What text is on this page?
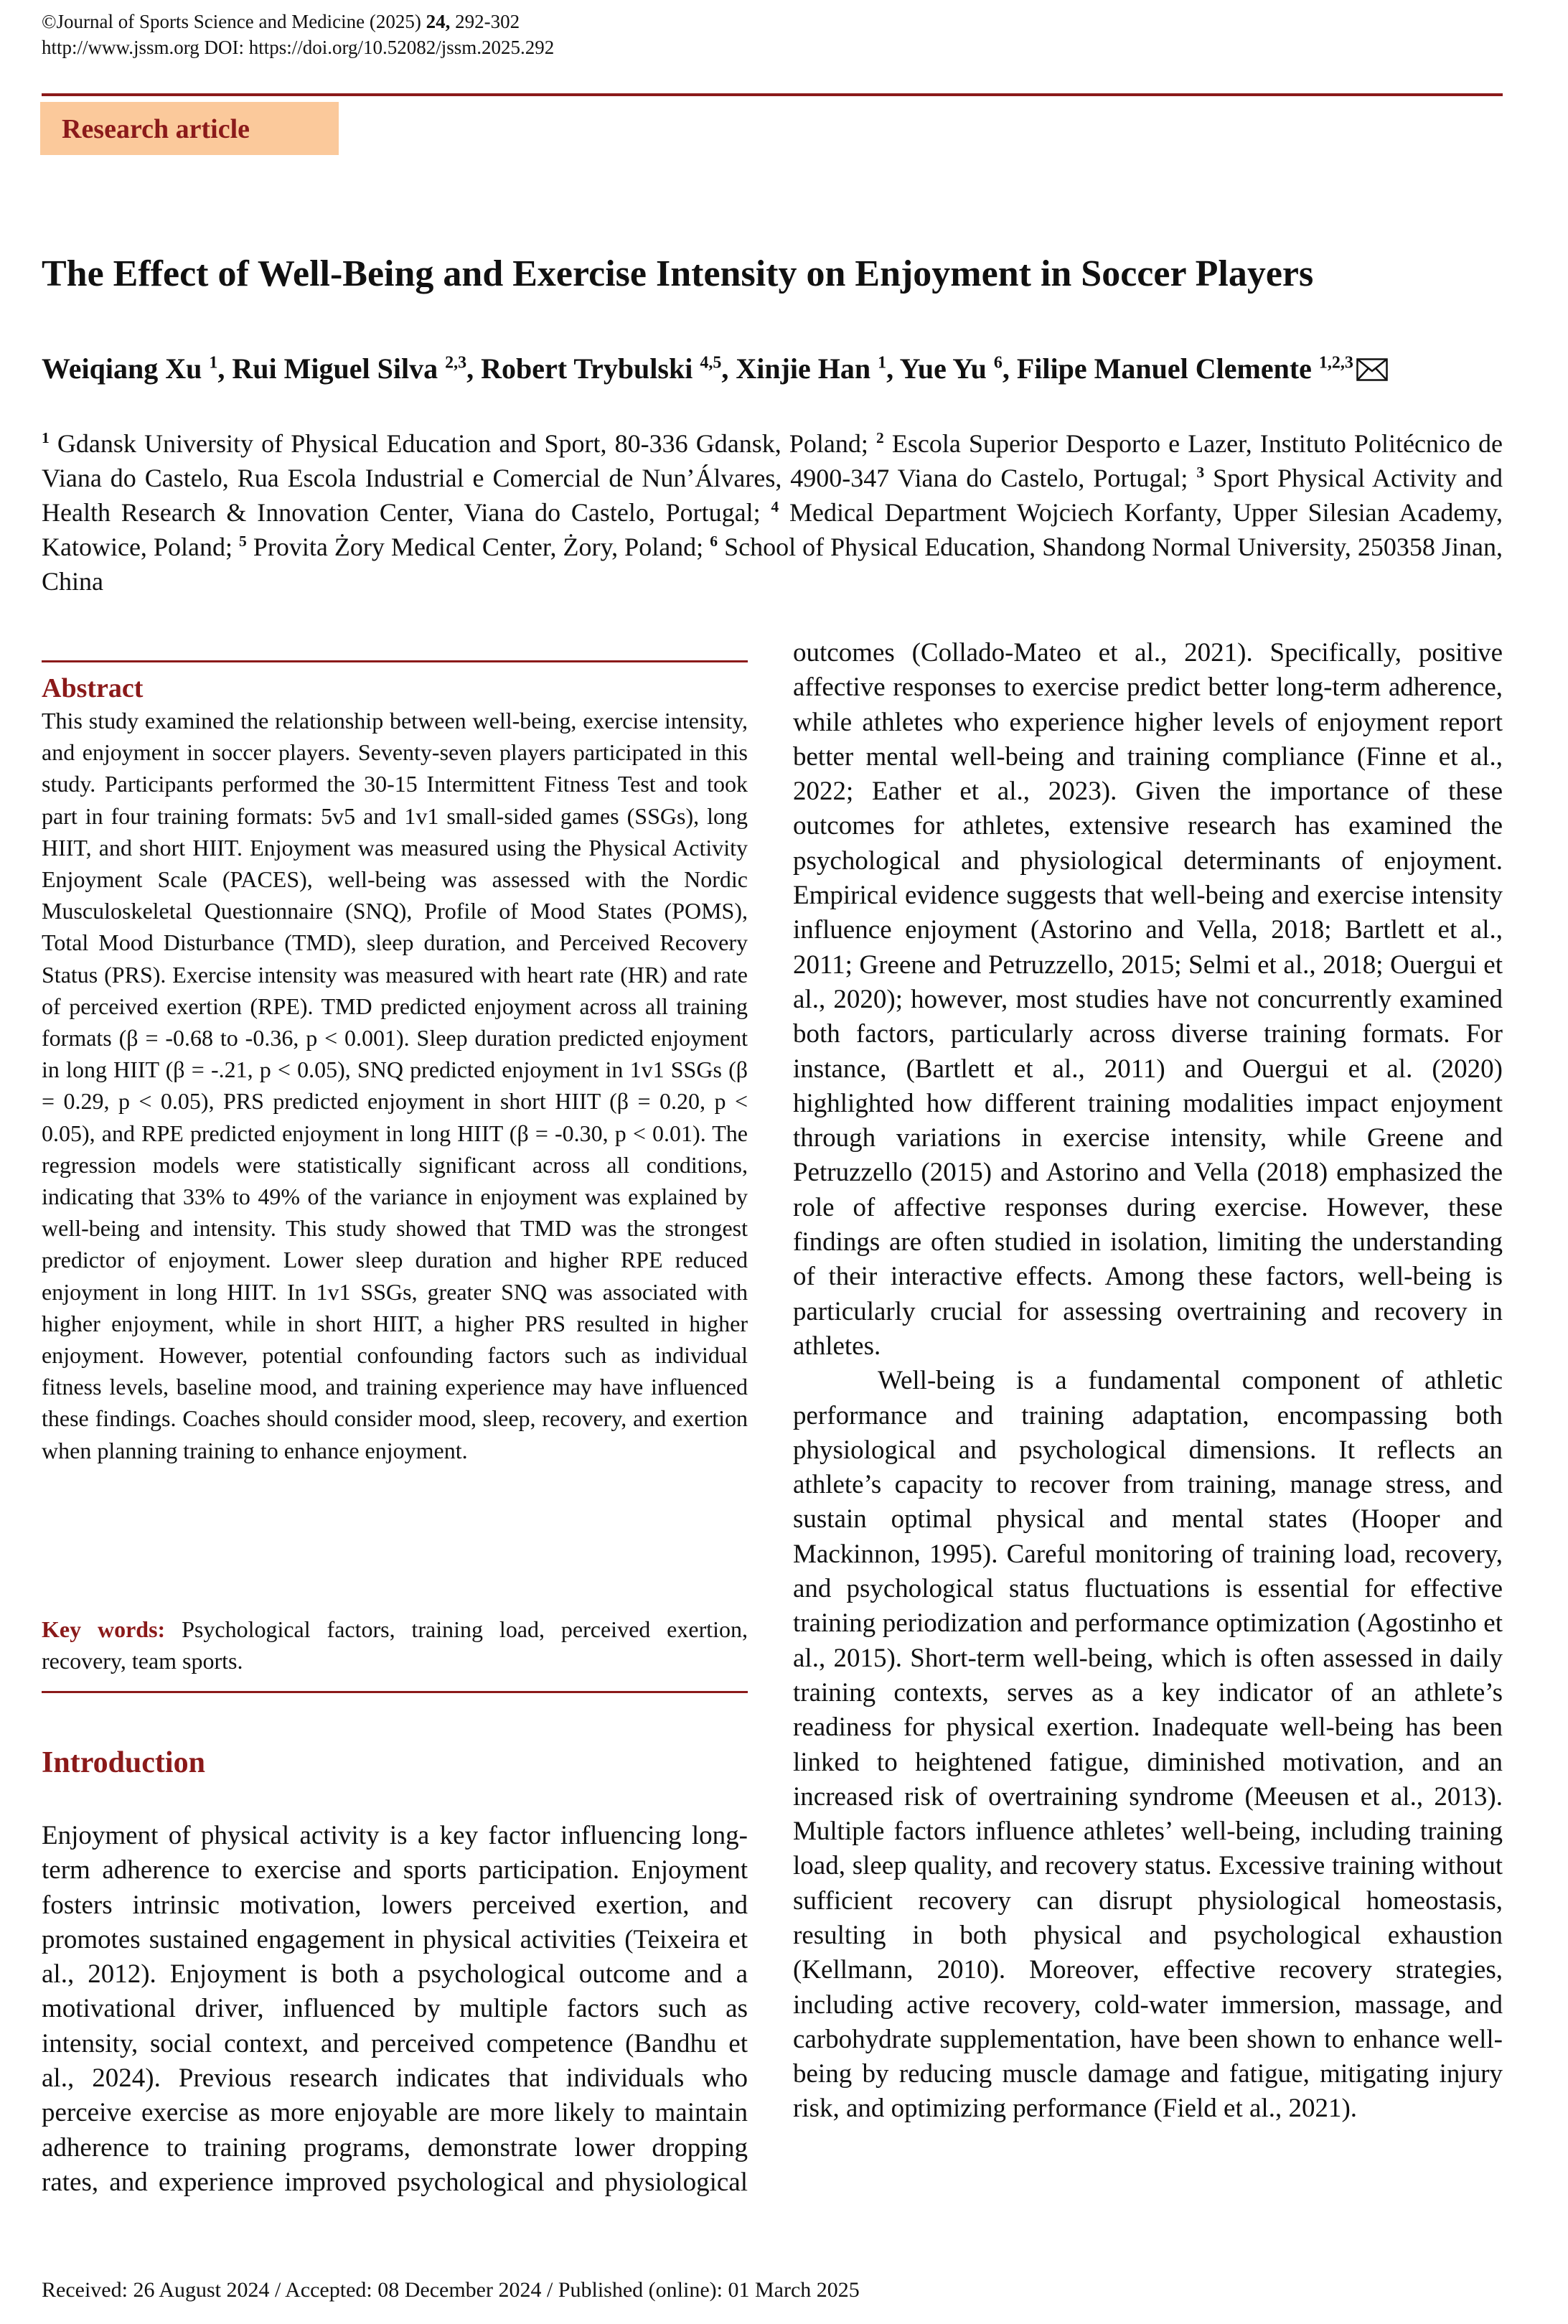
©Journal of Sports Science and Medicine (2025) 24, 292-302
http://www.jssm.org DOI: https://doi.org/10.52082/jssm.2025.292
Research article
The Effect of Well-Being and Exercise Intensity on Enjoyment in Soccer Players
Weiqiang Xu $^1$, Rui Miguel Silva $^{2,3}$, Robert Trybulski $^{4,5}$, Xinjie Han $^1$, Yue Yu $^6$, Filipe Manuel Clemente $^{1,2,3}$
$^1$ Gdansk University of Physical Education and Sport, 80-336 Gdansk, Poland; $^2$ Escola Superior Desporto e Lazer, Instituto Politécnico de Viana do Castelo, Rua Escola Industrial e Comercial de Nun’Álvares, 4900-347 Viana do Castelo, Portugal; $^3$ Sport Physical Activity and Health Research & Innovation Center, Viana do Castelo, Portugal; $^4$ Medical Department Wojciech Korfanty, Upper Silesian Academy, Katowice, Poland; $^5$ Provita Żory Medical Center, Żory, Poland; $^6$ School of Physical Education, Shandong Normal University, 250358 Jinan, China
Abstract
This study examined the relationship between well-being, exercise intensity, and enjoyment in soccer players. Seventy-seven players participated in this study. Participants performed the 30-15 Intermittent Fitness Test and took part in four training formats: 5v5 and 1v1 small-sided games (SSGs), long HIIT, and short HIIT. Enjoyment was measured using the Physical Activity Enjoyment Scale (PACES), well-being was assessed with the Nordic Musculoskeletal Questionnaire (SNQ), Profile of Mood States (POMS), Total Mood Disturbance (TMD), sleep duration, and Perceived Recovery Status (PRS). Exercise intensity was measured with heart rate (HR) and rate of perceived exertion (RPE). TMD predicted enjoyment across all training formats (β = -0.68 to -0.36, p < 0.001). Sleep duration predicted enjoyment in long HIIT (β = -.21, p < 0.05), SNQ predicted enjoyment in 1v1 SSGs (β = 0.29, p < 0.05), PRS predicted enjoyment in short HIIT (β = 0.20, p < 0.05), and RPE predicted enjoyment in long HIIT (β = -0.30, p < 0.01). The regression models were statistically significant across all conditions, indicating that 33% to 49% of the variance in enjoyment was explained by well-being and intensity. This study showed that TMD was the strongest predictor of enjoyment. Lower sleep duration and higher RPE reduced enjoyment in long HIIT. In 1v1 SSGs, greater SNQ was associated with higher enjoyment, while in short HIIT, a higher PRS resulted in higher enjoyment. However, potential confounding factors such as individual fitness levels, baseline mood, and training experience may have influenced these findings. Coaches should consider mood, sleep, recovery, and exertion when planning training to enhance enjoyment.
Key words: Psychological factors, training load, perceived exertion, recovery, team sports.
Introduction
Enjoyment of physical activity is a key factor influencing long-term adherence to exercise and sports participation. Enjoyment fosters intrinsic motivation, lowers perceived exertion, and promotes sustained engagement in physical activities (Teixeira et al., 2012). Enjoyment is both a psychological outcome and a motivational driver, influenced by multiple factors such as intensity, social context, and perceived competence (Bandhu et al., 2024). Previous research indicates that individuals who perceive exercise as more enjoyable are more likely to maintain adherence to training programs, demonstrate lower dropping rates, and experience improved psychological and physiological

outcomes (Collado-Mateo et al., 2021). Specifically, positive affective responses to exercise predict better long-term adherence, while athletes who experience higher levels of enjoyment report better mental well-being and training compliance (Finne et al., 2022; Eather et al., 2023). Given the importance of these outcomes for athletes, extensive research has examined the psychological and physiological determinants of enjoyment. Empirical evidence suggests that well-being and exercise intensity influence enjoyment (Astorino and Vella, 2018; Bartlett et al., 2011; Greene and Petruzzello, 2015; Selmi et al., 2018; Ouergui et al., 2020); however, most studies have not concurrently examined both factors, particularly across diverse training formats. For instance, (Bartlett et al., 2011) and Ouergui et al. (2020) highlighted how different training modalities impact enjoyment through variations in exercise intensity, while Greene and Petruzzello (2015) and Astorino and Vella (2018) emphasized the role of affective responses during exercise. However, these findings are often studied in isolation, limiting the understanding of their interactive effects. Among these factors, well-being is particularly crucial for assessing overtraining and recovery in athletes.

Well-being is a fundamental component of athletic performance and training adaptation, encompassing both physiological and psychological dimensions. It reflects an athlete’s capacity to recover from training, manage stress, and sustain optimal physical and mental states (Hooper and Mackinnon, 1995). Careful monitoring of training load, recovery, and psychological status fluctuations is essential for effective training periodization and performance optimization (Agostinho et al., 2015). Short-term well-being, which is often assessed in daily training contexts, serves as a key indicator of an athlete’s readiness for physical exertion. Inadequate well-being has been linked to heightened fatigue, diminished motivation, and an increased risk of overtraining syndrome (Meeusen et al., 2013). Multiple factors influence athletes’ well-being, including training load, sleep quality, and recovery status. Excessive training without sufficient recovery can disrupt physiological homeostasis, resulting in both physical and psychological exhaustion (Kellmann, 2010). Moreover, effective recovery strategies, including active recovery, cold-water immersion, massage, and carbohydrate supplementation, have been shown to enhance well-being by reducing muscle damage and fatigue, mitigating injury risk, and optimizing performance (Field et al., 2021).

Received: 26 August 2024 / Accepted: 08 December 2024 / Published (online): 01 March 2025
